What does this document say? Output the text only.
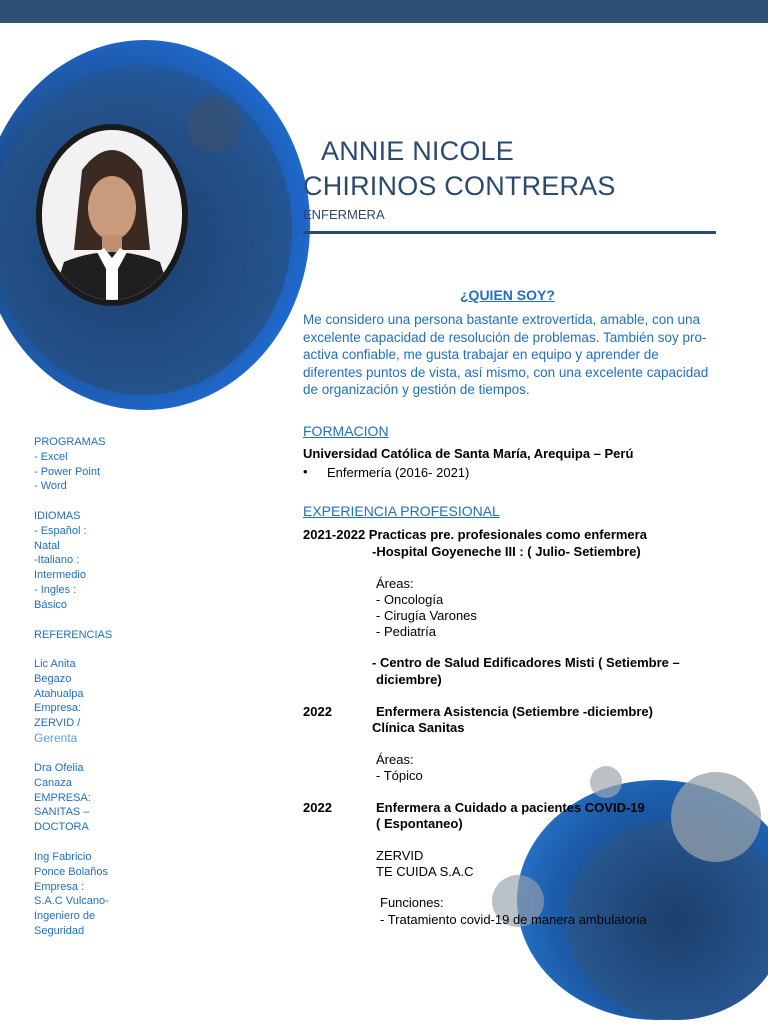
ANNIE NICOLE
CHIRINOS CONTRERAS
ENFERMERA
¿QUIEN SOY?
Me considero una persona bastante extrovertida, amable, con una excelente capacidad de resolución de problemas. También soy pro-activa confiable, me gusta trabajar en equipo y aprender de diferentes puntos de vista, así mismo, con una excelente capacidad de organización y gestión de tiempos.
FORMACION
Universidad Católica de Santa María, Arequipa – Perú
• Enfermería (2016- 2021)
EXPERIENCIA PROFESIONAL
2021-2022 Practicas pre. profesionales como enfermera
-Hospital Goyeneche III : ( Julio- Setiembre)
Áreas:
- Oncología
- Cirugía Varones
- Pediatría
- Centro de Salud Edificadores Misti ( Setiembre –
diciembre)
2022	Enfermera Asistencia (Setiembre -diciembre)
Clínica Sanitas
Áreas:
- Tópico
2022	Enfermera a Cuidado a pacientes COVID-19
( Espontaneo)
ZERVID
TE CUIDA S.A.C
Funciones:
- Tratamiento covid-19 de manera ambulatoria
PROGRAMAS
- Excel
- Power Point
- Word
IDIOMAS
- Español :
Natal
-Italiano :
Intermedio
- Ingles :
Básico
REFERENCIAS
Lic Anita
Begazo
Atahualpa
Empresa:
ZERVID /
Gerenta
Dra Ofelia
Canaza
EMPRESA:
SANITAS –
DOCTORA
Ing Fabricio
Ponce Bolaños
Empresa :
S.A.C Vulcano-
Ingeniero de
Seguridad
